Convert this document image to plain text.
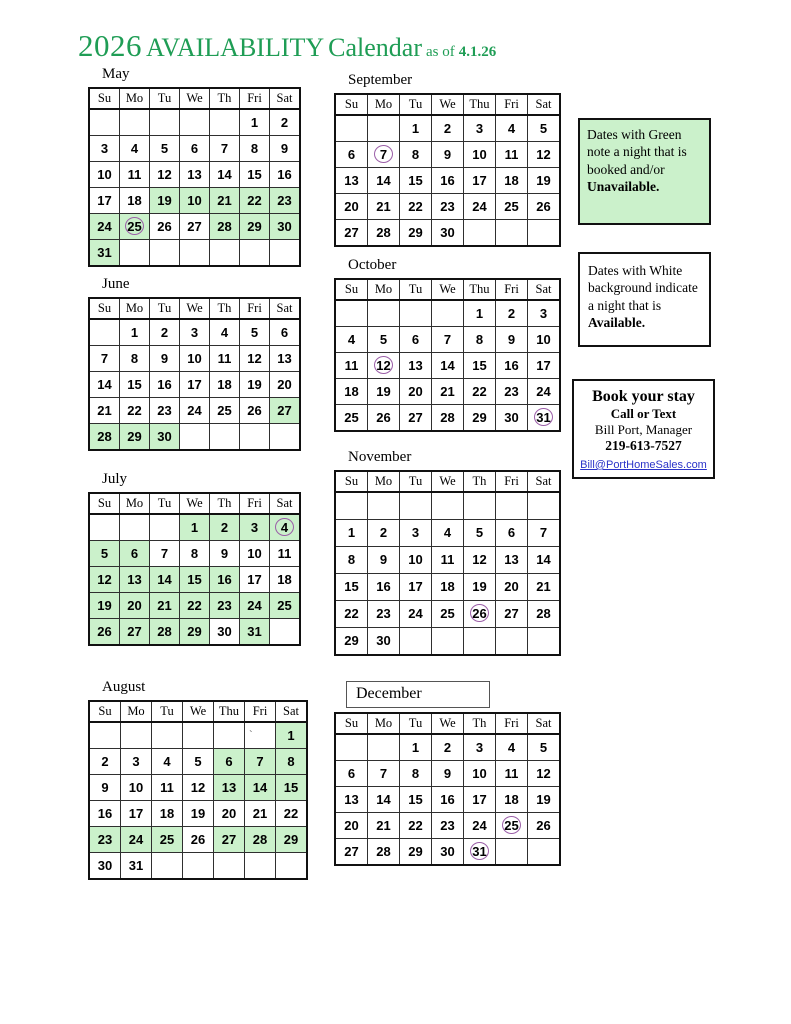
2026 AVAILABILITY Calendar as of 4.1.26
May
Su	Mo	Tu	We	Th	Fri	Sat
					1	2
3	4	5	6	7	8	9
10	11	12	13	14	15	16
17	18	19	10	21	22	23
24	25	26	27	28	29	30
31						
June
Su	Mo	Tu	We	Th	Fri	Sat
	1	2	3	4	5	6
7	8	9	10	11	12	13
14	15	16	17	18	19	20
21	22	23	24	25	26	27
28	29	30				
July
Su	Mo	Tu	We	Th	Fri	Sat
			1	2	3	4
5	6	7	8	9	10	11
12	13	14	15	16	17	18
19	20	21	22	23	24	25
26	27	28	29	30	31	
August
Su	Mo	Tu	We	Thu	Fri	Sat

					`	1
2	3	4	5	6	7	8
9	10	11	12	13	14	15
16	17	18	19	20	21	22
23	24	25	26	27	28	29
30	31					
September
Su	Mo	Tu	We	Thu	Fri	Sat
		1	2	3	4	5
6	7	8	9	10	11	12
13	14	15	16	17	18	19
20	21	22	23	24	25	26
27	28	29	30			
October
Su	Mo	Tu	We	Thu	Fri	Sat
				1	2	3
4	5	6	7	8	9	10
11	12	13	14	15	16	17
18	19	20	21	22	23	24
25	26	27	28	29	30	31
November
Su	Mo	Tu	We	Th	Fri	Sat

1	2	3	4	5	6	7
8	9	10	11	12	13	14
15	16	17	18	19	20	21
22	23	24	25	26	27	28
29	30					
December
Su	Mo	Tu	We	Th	Fri	Sat
		1	2	3	4	5
6	7	8	9	10	11	12
13	14	15	16	17	18	19
20	21	22	23	24	25	26
27	28	29	30	31		
Dates with Green
note a night that is
booked and/or
Unavailable.
Dates with White
background indicate
a night that is
Available.
Book your stay
Call or Text
Bill Port, Manager
219-613-7527
Bill@PortHomeSales.com
